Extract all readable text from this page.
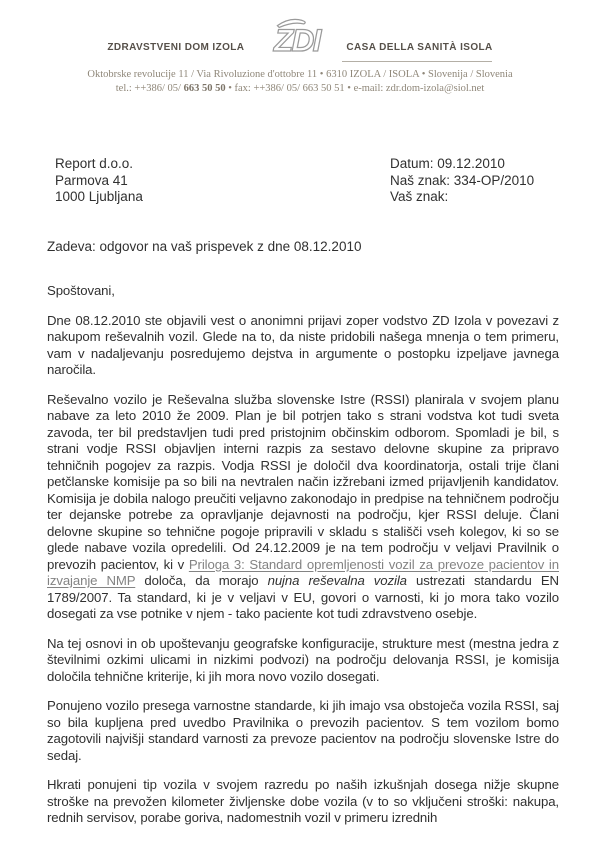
ZDRAVSTVENI DOM IZOLA ZDI	CASA DELLA SANITÀ ISOLA
Oktobrske revolucije 11 / Via Rivoluzione d'ottobre 11 • 6310 IZOLA / ISOLA • Slovenija / Slovenia
tel.: ++386/ 05/ 663 50 50 • fax: ++386/ 05/ 663 50 51 • e-mail: zdr.dom-izola@siol.net
Report d.o.o.
Parmova 41
1000 Ljubljana
Datum: 09.12.2010
Naš znak: 334-OP/2010
Vaš znak:
Zadeva: odgovor na vaš prispevek z dne 08.12.2010

Spoštovani,

Dne 08.12.2010 ste objavili vest o anonimni prijavi zoper vodstvo ZD Izola v povezavi z nakupom reševalnih vozil. Glede na to, da niste pridobili našega mnenja o tem primeru, vam v nadaljevanju posredujemo dejstva in argumente o postopku izpeljave javnega naročila.

Reševalno vozilo je Reševalna služba slovenske Istre (RSSI) planirala v svojem planu nabave za leto 2010 že 2009. Plan je bil potrjen tako s strani vodstva kot tudi sveta zavoda, ter bil predstavljen tudi pred pristojnim občinskim odborom. Spomladi je bil, s strani vodje RSSI objavljen interni razpis za sestavo delovne skupine za pripravo tehničnih pogojev za razpis. Vodja RSSI je določil dva koordinatorja, ostali trije člani petčlanske komisije pa so bili na nevtralen način izžrebani izmed prijavljenih kandidatov. Komisija je dobila nalogo preučiti veljavno zakonodajo in predpise na tehničnem področju ter dejanske potrebe za opravljanje dejavnosti na področju, kjer RSSI deluje. Člani delovne skupine so tehnične pogoje pripravili v skladu s stališči vseh kolegov, ki so se glede nabave vozila opredelili. Od 24.12.2009 je na tem področju v veljavi Pravilnik o prevozih pacientov, ki v Priloga 3: Standard opremljenosti vozil za prevoze pacientov in izvajanje NMP določa, da morajo nujna reševalna vozila ustrezati standardu EN 1789/2007. Ta standard, ki je v veljavi v EU, govori o varnosti, ki jo mora tako vozilo dosegati za vse potnike v njem - tako paciente kot tudi zdravstveno osebje.

Na tej osnovi in ob upoštevanju geografske konfiguracije, strukture mest (mestna jedra z številnimi ozkimi ulicami in nizkimi podvozi) na področju delovanja RSSI, je komisija določila tehnične kriterije, ki jih mora novo vozilo dosegati.

Ponujeno vozilo presega varnostne standarde, ki jih imajo vsa obstoječa vozila RSSI, saj so bila kupljena pred uvedbo Pravilnika o prevozih pacientov. S tem vozilom bomo zagotovili najvišji standard varnosti za prevoze pacientov na področju slovenske Istre do sedaj.

Hkrati ponujeni tip vozila v svojem razredu po naših izkušnjah dosega nižje skupne stroške na prevožen kilometer življenske dobe vozila (v to so vključeni stroški: nakupa, rednih servisov, porabe goriva, nadomestnih vozil v primeru izrednih
